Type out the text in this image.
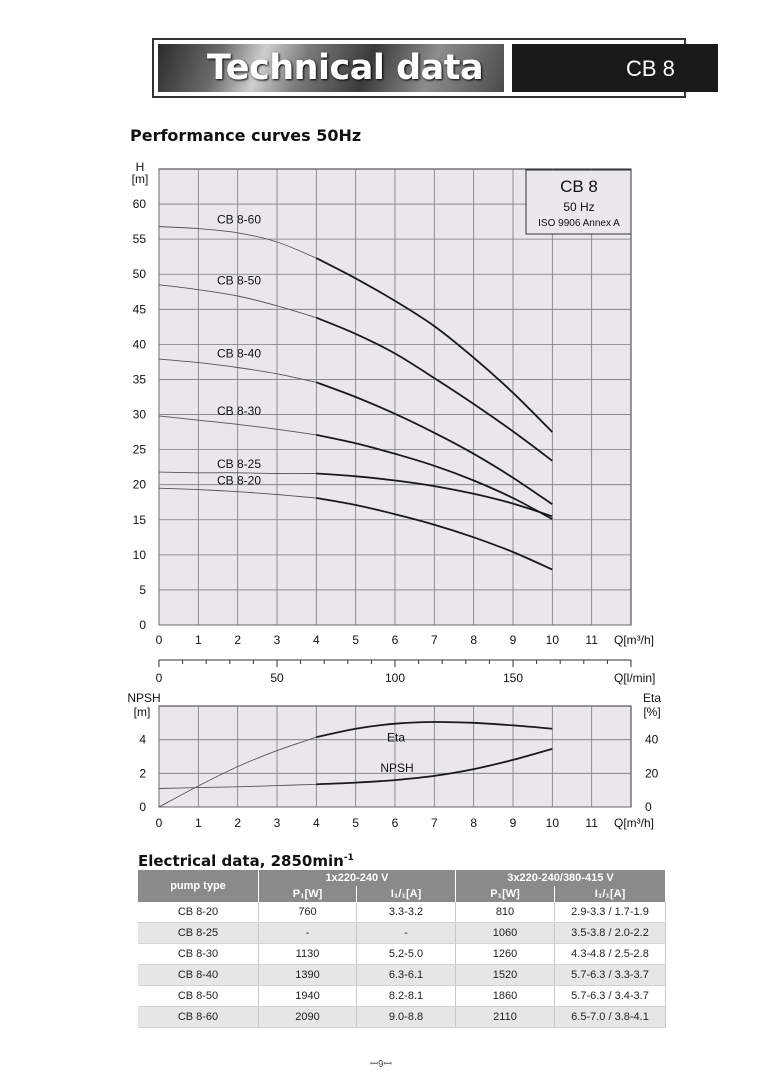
Technical data	CB 8
Performance curves 50Hz
0	1	2	3	4	5	6	7	8	9 10 11
0
5
10
15
20
25
30
35
40
45
50
55
60
H
[m]
Q[m³/h]
0	50	100	150	Q[l/min]
CB 8
50 Hz
ISO 9906 Annex A
CB 8-60
CB 8-50
CB 8-40
CB 8-30
CB 8-25
CB 8-20
0	1	2	3	4	5	6	7	8	9 10 11
0
2
4
0
20
40
NPSH
[m]
Eta
[%]
Q[m³/h]
Eta
NPSH
Electrical data, $2850\min^{-1}$
pump type	1x220-240 V		3x220-240/380-415 V	
	P₁[W]	I₁/₁[A]	P₁[W]	I₁/₁[A]
CB 8-20	760	3.3-3.2	810	2.9-3.3 / 1.7-1.9
CB 8-25	-	-	1060	3.5-3.8 / 2.0-2.2
CB 8-30	1130	5.2-5.0	1260	4.3-4.8 / 2.5-2.8
CB 8-40	1390	6.3-6.1	1520	5.7-6.3 / 3.3-3.7
CB 8-50	1940	8.2-8.1	1860	5.7-6.3 / 3.4-3.7
CB 8-60	2090	9.0-8.8	2110	6.5-7.0 / 3.8-4.1
ꟷ9ꟷ
